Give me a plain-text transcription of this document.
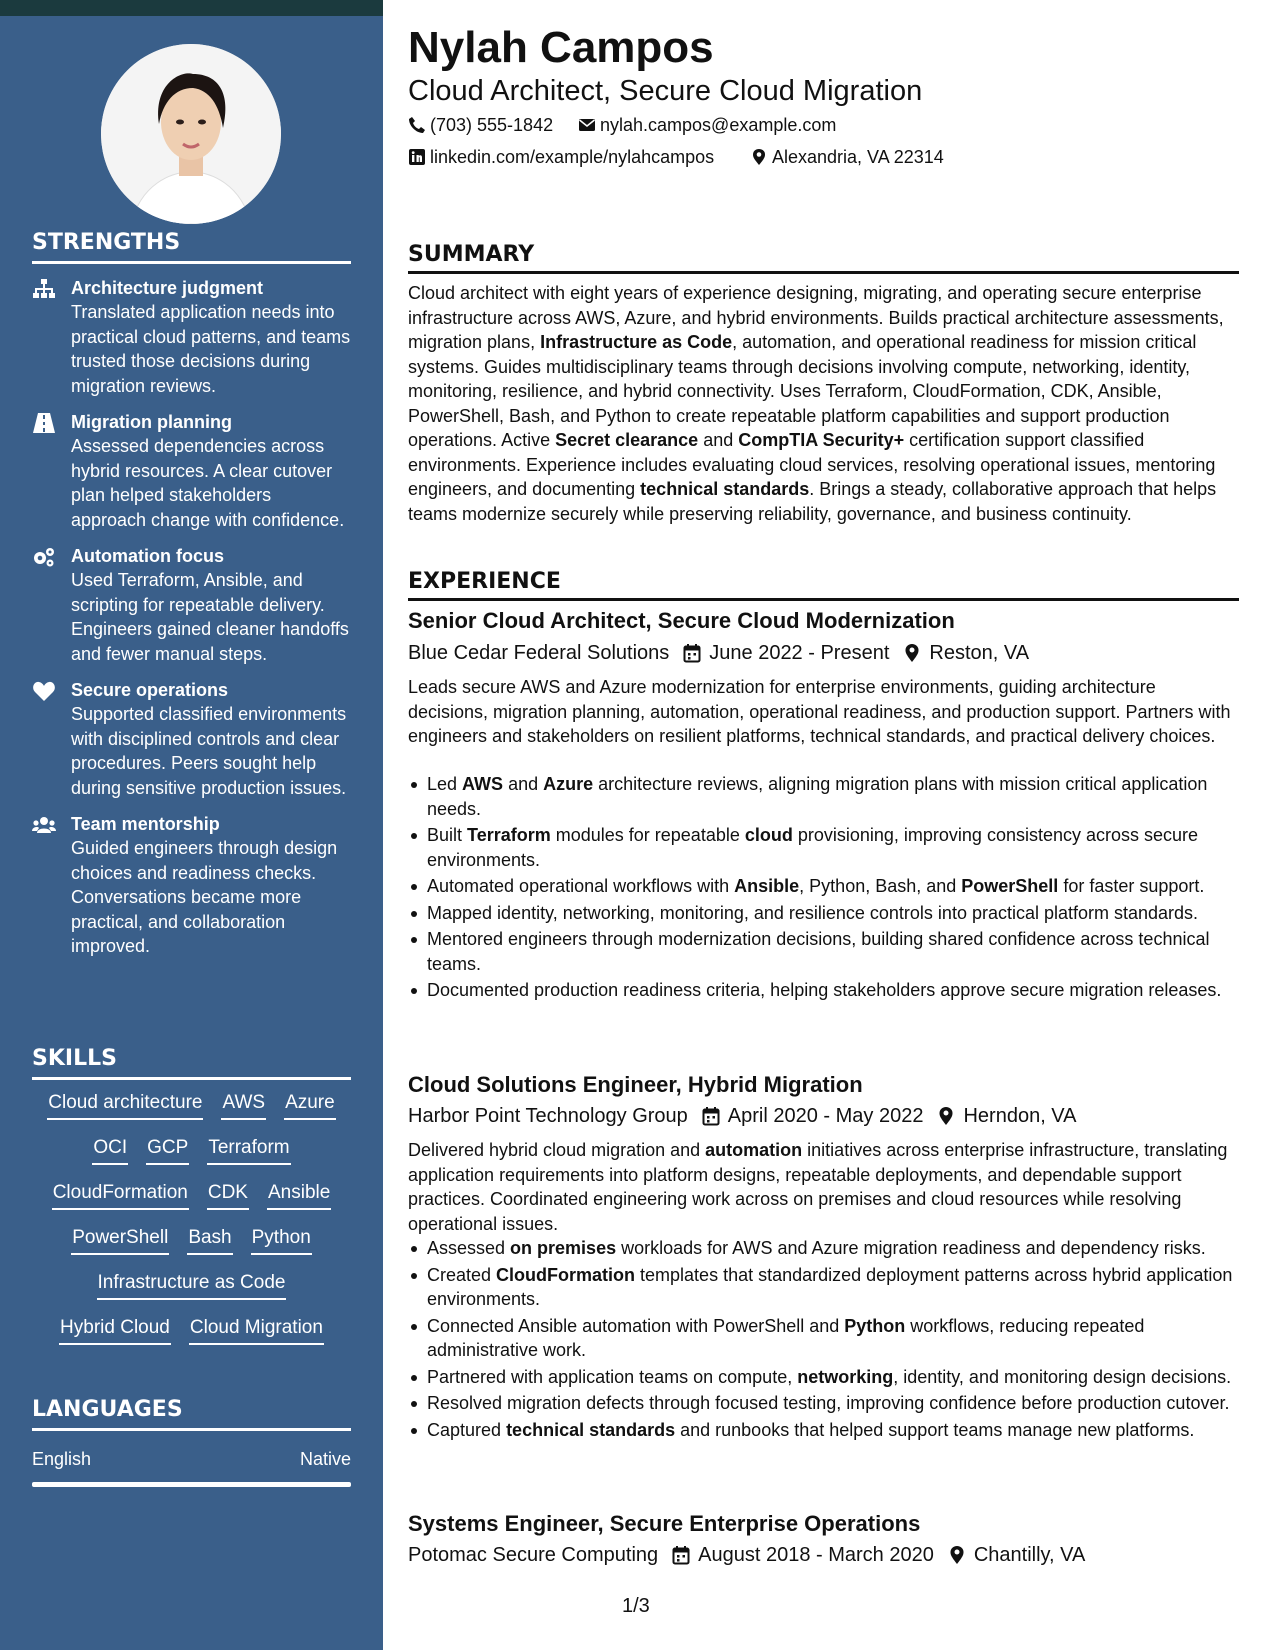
STRENGTHS
Architecture judgment
Translated application needs into practical cloud patterns, and teams trusted those decisions during migration reviews.
Migration planning
Assessed dependencies across hybrid resources. A clear cutover plan helped stakeholders approach change with confidence.
Automation focus
Used Terraform, Ansible, and scripting for repeatable delivery. Engineers gained cleaner handoffs and fewer manual steps.
Secure operations
Supported classified environments with disciplined controls and clear procedures. Peers sought help during sensitive production issues.
Team mentorship
Guided engineers through design choices and readiness checks. Conversations became more practical, and collaboration improved.
SKILLS
Cloud architecture AWS Azure
OCI GCP Terraform
CloudFormation CDK Ansible
PowerShell Bash Python
Infrastructure as Code
Hybrid Cloud Cloud Migration
LANGUAGES
English	Native
Nylah Campos
Cloud Architect, Secure Cloud Migration
(703) 555-1842	nylah.campos@example.com
linkedin.com/example/nylahcampos	Alexandria, VA 22314
SUMMARY
Cloud architect with eight years of experience designing, migrating, and operating secure enterprise infrastructure across AWS, Azure, and hybrid environments. Builds practical architecture assessments, migration plans, Infrastructure as Code, automation, and operational readiness for mission critical systems. Guides multidisciplinary teams through decisions involving compute, networking, identity, monitoring, resilience, and hybrid connectivity. Uses Terraform, CloudFormation, CDK, Ansible, PowerShell, Bash, and Python to create repeatable platform capabilities and support production operations. Active Secret clearance and CompTIA Security+ certification support classified environments. Experience includes evaluating cloud services, resolving operational issues, mentoring engineers, and documenting technical standards. Brings a steady, collaborative approach that helps teams modernize securely while preserving reliability, governance, and business continuity.
EXPERIENCE
Senior Cloud Architect, Secure Cloud Modernization
Blue Cedar Federal Solutions June 2022 - Present Reston, VA
Leads secure AWS and Azure modernization for enterprise environments, guiding architecture decisions, migration planning, automation, operational readiness, and production support. Partners with engineers and stakeholders on resilient platforms, technical standards, and practical delivery choices.
Led AWS and Azure architecture reviews, aligning migration plans with mission critical application needs.
Built Terraform modules for repeatable cloud provisioning, improving consistency across secure environments.
Automated operational workflows with Ansible, Python, Bash, and PowerShell for faster support.
Mapped identity, networking, monitoring, and resilience controls into practical platform standards.
Mentored engineers through modernization decisions, building shared confidence across technical teams.
Documented production readiness criteria, helping stakeholders approve secure migration releases.
Cloud Solutions Engineer, Hybrid Migration
Harbor Point Technology Group April 2020 - May 2022 Herndon, VA
Delivered hybrid cloud migration and automation initiatives across enterprise infrastructure, translating application requirements into platform designs, repeatable deployments, and dependable support practices. Coordinated engineering work across on premises and cloud resources while resolving operational issues.
Assessed on premises workloads for AWS and Azure migration readiness and dependency risks.
Created CloudFormation templates that standardized deployment patterns across hybrid application environments.
Connected Ansible automation with PowerShell and Python workflows, reducing repeated administrative work.
Partnered with application teams on compute, networking, identity, and monitoring design decisions.
Resolved migration defects through focused testing, improving confidence before production cutover.
Captured technical standards and runbooks that helped support teams manage new platforms.
Systems Engineer, Secure Enterprise Operations
Potomac Secure Computing August 2018 - March 2020 Chantilly, VA
1/3
